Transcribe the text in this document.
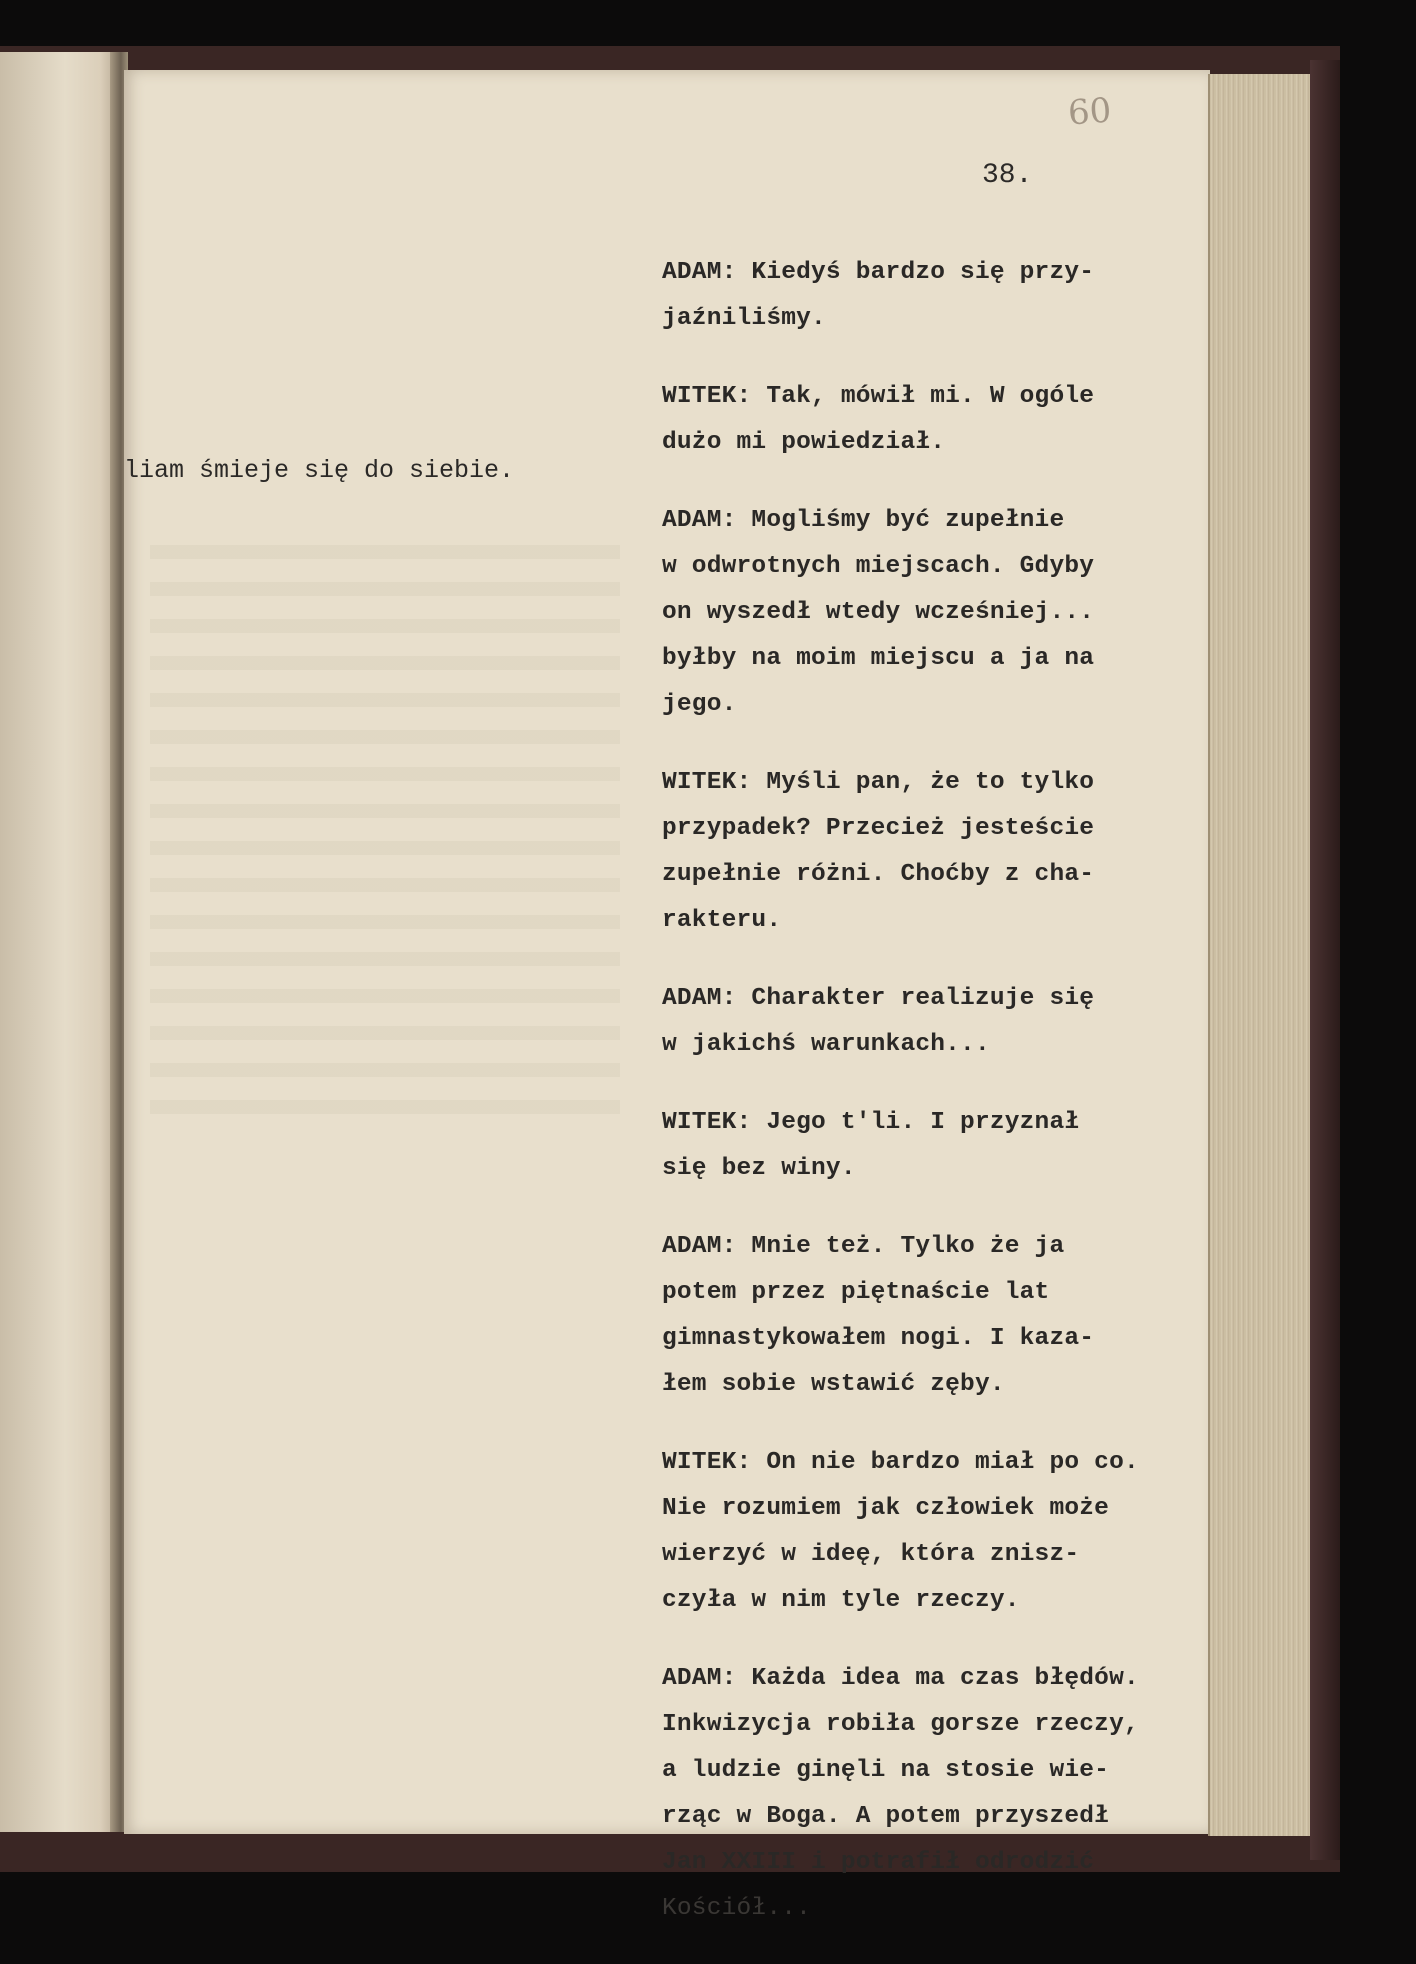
60
38.
liam śmieje się do siebie.
ADAM: Kiedyś bardzo się przy-
jaźniliśmy.
WITEK: Tak, mówił mi. W ogóle
dużo mi powiedział.
ADAM: Mogliśmy być zupełnie
w odwrotnych miejscach. Gdyby
on wyszedł wtedy wcześniej...
byłby na moim miejscu a ja na
jego.
WITEK: Myśli pan, że to tylko
przypadek? Przecież jesteście
zupełnie różni. Choćby z cha-
rakteru.
ADAM: Charakter realizuje się
w jakichś warunkach...
WITEK: Jego t'li. I przyznał
się bez winy.
ADAM: Mnie też. Tylko że ja
potem przez piętnaście lat
gimnastykowałem nogi. I kaza-
łem sobie wstawić zęby.
WITEK: On nie bardzo miał po co.
Nie rozumiem jak człowiek może
wierzyć w ideę, która znisz-
czyła w nim tyle rzeczy.
ADAM: Każda idea ma czas błędów.
Inkwizycja robiła gorsze rzeczy,
a ludzie ginęli na stosie wie-
rząc w Boga. A potem przyszedł
Jan XXIII i potrafił odrodzić
Kościół...
